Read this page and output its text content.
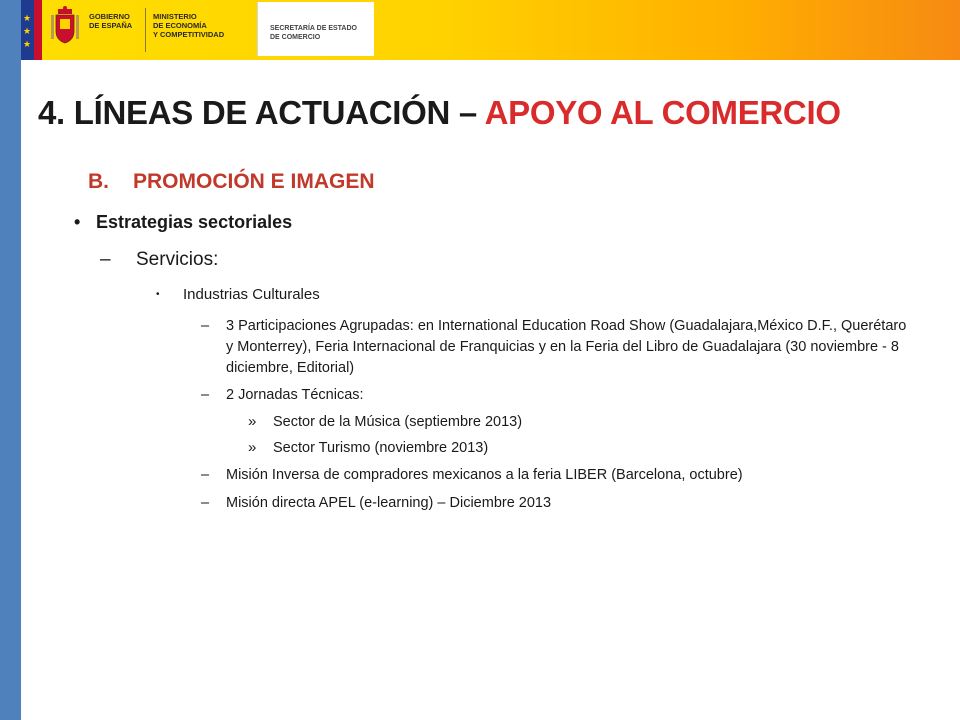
★
★
★
GOBIERNO
DE ESPAÑA
MINISTERIO
DE ECONOMÍA
Y COMPETITIVIDAD
SECRETARÍA DE ESTADO
DE COMERCIO
4. LÍNEAS DE ACTUACIÓN – APOYO AL COMERCIO
B. PROMOCIÓN E IMAGEN
• Estrategias sectoriales
– Servicios:
• Industrias Culturales
– 3 Participaciones Agrupadas: en International Education Road Show (Guadalajara,México D.F., Querétaro y Monterrey), Feria Internacional de Franquicias y en la Feria del Libro de Guadalajara (30 noviembre - 8 diciembre, Editorial)
– 2 Jornadas Técnicas:
» Sector de la Música (septiembre 2013)
» Sector Turismo (noviembre 2013)
– Misión Inversa de compradores mexicanos a la feria LIBER (Barcelona, octubre)
– Misión directa APEL (e-learning) – Diciembre 2013
